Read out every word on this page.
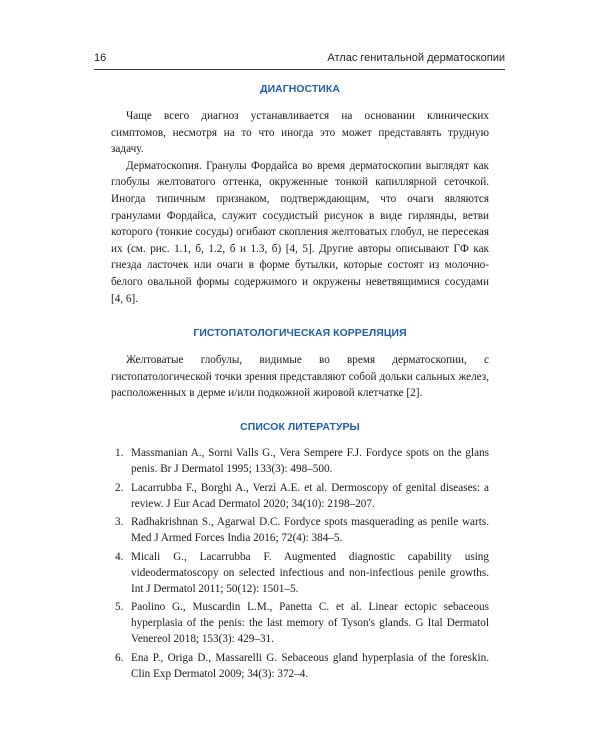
16	Атлас генитальной дерматоскопии
ДИАГНОСТИКА

Чаще всего диагноз устанавливается на основании клинических симптомов, несмотря на то что иногда это может представлять трудную задачу.

Дерматоскопия. Гранулы Фордайса во время дерматоскопии выглядят как глобулы желтоватого оттенка, окруженные тонкой капиллярной сеточкой. Иногда типичным признаком, подтверждающим, что очаги являются гранулами Фордайса, служит сосудистый рисунок в виде гирлянды, ветви которого (тонкие сосуды) огибают скопления желтоватых глобул, не пересекая их (см. рис. 1.1, б, 1.2, б и 1.3, б) [4, 5]. Другие авторы описывают ГФ как гнезда ласточек или очаги в форме бутылки, которые состоят из молочно-белого овальной формы содержимого и окружены неветвящимися сосудами [4, 6].

ГИСТОПАТОЛОГИЧЕСКАЯ КОРРЕЛЯЦИЯ

Желтоватые глобулы, видимые во время дерматоскопии, с гистопатологической точки зрения представляют собой дольки сальных желез, расположенных в дерме и/или подкожной жировой клетчатке [2].

СПИСОК ЛИТЕРАТУРЫ
1. Massmanian A., Sorni Valls G., Vera Sempere F.J. Fordyce spots on the glans penis. Br J Dermatol 1995; 133(3): 498–500.
2. Lacarrubba F., Borghi A., Verzì A.E. et al. Dermoscopy of genital diseases: a review. J Eur Acad Dermatol 2020; 34(10): 2198–207.
3. Radhakrishnan S., Agarwal D.C. Fordyce spots masquerading as penile warts. Med J Armed Forces India 2016; 72(4): 384–5.
4. Micali G., Lacarrubba F. Augmented diagnostic capability using videodermatoscopy on selected infectious and non-infectious penile growths. Int J Dermatol 2011; 50(12): 1501–5.
5. Paolino G., Muscardin L.M., Panetta C. et al. Linear ectopic sebaceous hyperplasia of the penis: the last memory of Tyson's glands. G Ital Dermatol Venereol 2018; 153(3): 429–31.
6. Ena P., Origa D., Massarelli G. Sebaceous gland hyperplasia of the foreskin. Clin Exp Dermatol 2009; 34(3): 372–4.
